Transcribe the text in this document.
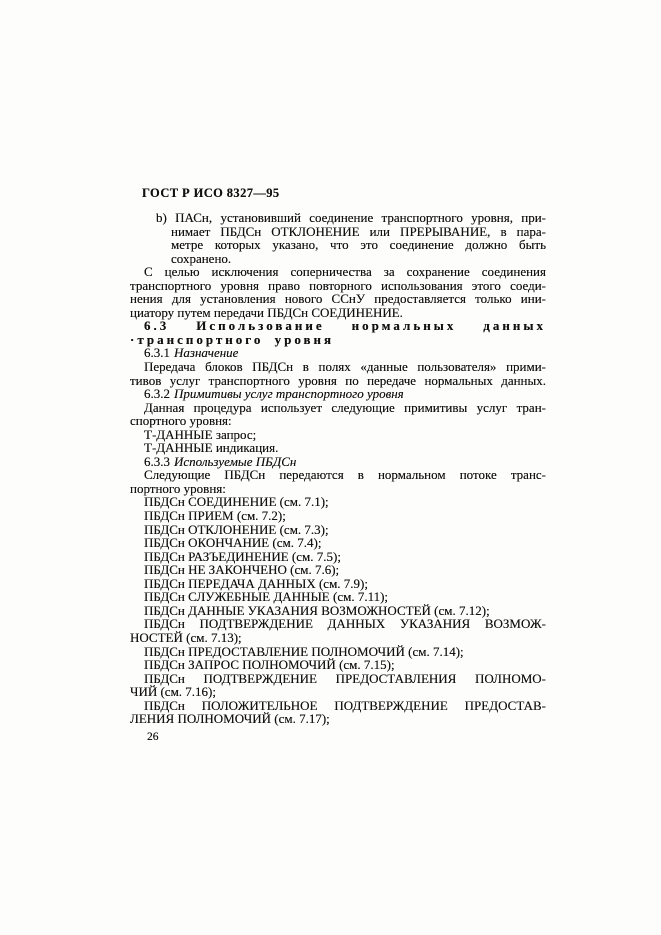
ГОСТ Р ИСО 8327—95
b) ПАСн, установивший соединение транспортного уровня, при-
нимает ПБДСн ОТКЛОНЕНИЕ или ПРЕРЫВАНИЕ, в пара-
метре которых указано, что это соединение должно быть
сохранено.
С целью исключения соперничества за сохранение соединения
транспортного уровня право повторного использования этого соеди-
нения для установления нового ССнУ предоставляется только ини-
циатору путем передачи ПБДСн СОЕДИНЕНИЕ.
6.3 Использование нормальных данных
·транспортного уровня
6.3.1 Назначение
Передача блоков ПБДСн в полях «данные пользователя» прими-
тивов услуг транспортного уровня по передаче нормальных данных.
6.3.2 Примитивы услуг транспортного уровня
Данная процедура использует следующие примитивы услуг тран-
спортного уровня:
Т-ДАННЫЕ запрос;
Т-ДАННЫЕ индикация.
6.3.3 Используемые ПБДСн
Следующие ПБДСн передаются в нормальном потоке транс-
портного уровня:
ПБДСн СОЕДИНЕНИЕ (см. 7.1);
ПБДСн ПРИЕМ (см. 7.2);
ПБДСн ОТКЛОНЕНИЕ (см. 7.3);
ПБДСн ОКОНЧАНИЕ (см. 7.4);
ПБДСн РАЗЪЕДИНЕНИЕ (см. 7.5);
ПБДСн НЕ ЗАКОНЧЕНО (см. 7.6);
ПБДСн ПЕРЕДАЧА ДАННЫХ (см. 7.9);
ПБДСн СЛУЖЕБНЫЕ ДАННЫЕ (см. 7.11);
ПБДСн ДАННЫЕ УКАЗАНИЯ ВОЗМОЖНОСТЕЙ (см. 7.12);
ПБДСн ПОДТВЕРЖДЕНИЕ ДАННЫХ УКАЗАНИЯ ВОЗМОЖ-
НОСТЕЙ (см. 7.13);
ПБДСн ПРЕДОСТАВЛЕНИЕ ПОЛНОМОЧИЙ (см. 7.14);
ПБДСн ЗАПРОС ПОЛНОМОЧИЙ (см. 7.15);
ПБДСн ПОДТВЕРЖДЕНИЕ ПРЕДОСТАВЛЕНИЯ ПОЛНОМО-
ЧИЙ (см. 7.16);
ПБДСн ПОЛОЖИТЕЛЬНОЕ ПОДТВЕРЖДЕНИЕ ПРЕДОСТАВ-
ЛЕНИЯ ПОЛНОМОЧИЙ (см. 7.17);
26
